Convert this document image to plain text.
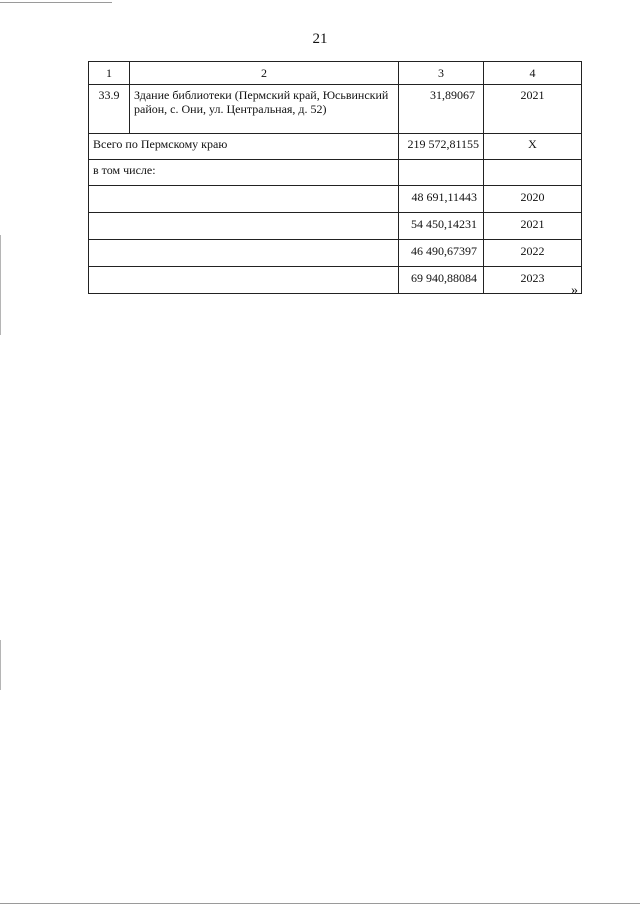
21
1	2	3	4
33.9	Здание библиотеки (Пермский край, Юсьвинский район, с. Они, ул. Центральная, д. 52)	31,89067	2021
Всего по Пермскому краю		219 572,81155	X
в том числе:			
		48 691,11443	2020
		54 450,14231	2021
		46 490,67397	2022
		69 940,88084	2023
»
